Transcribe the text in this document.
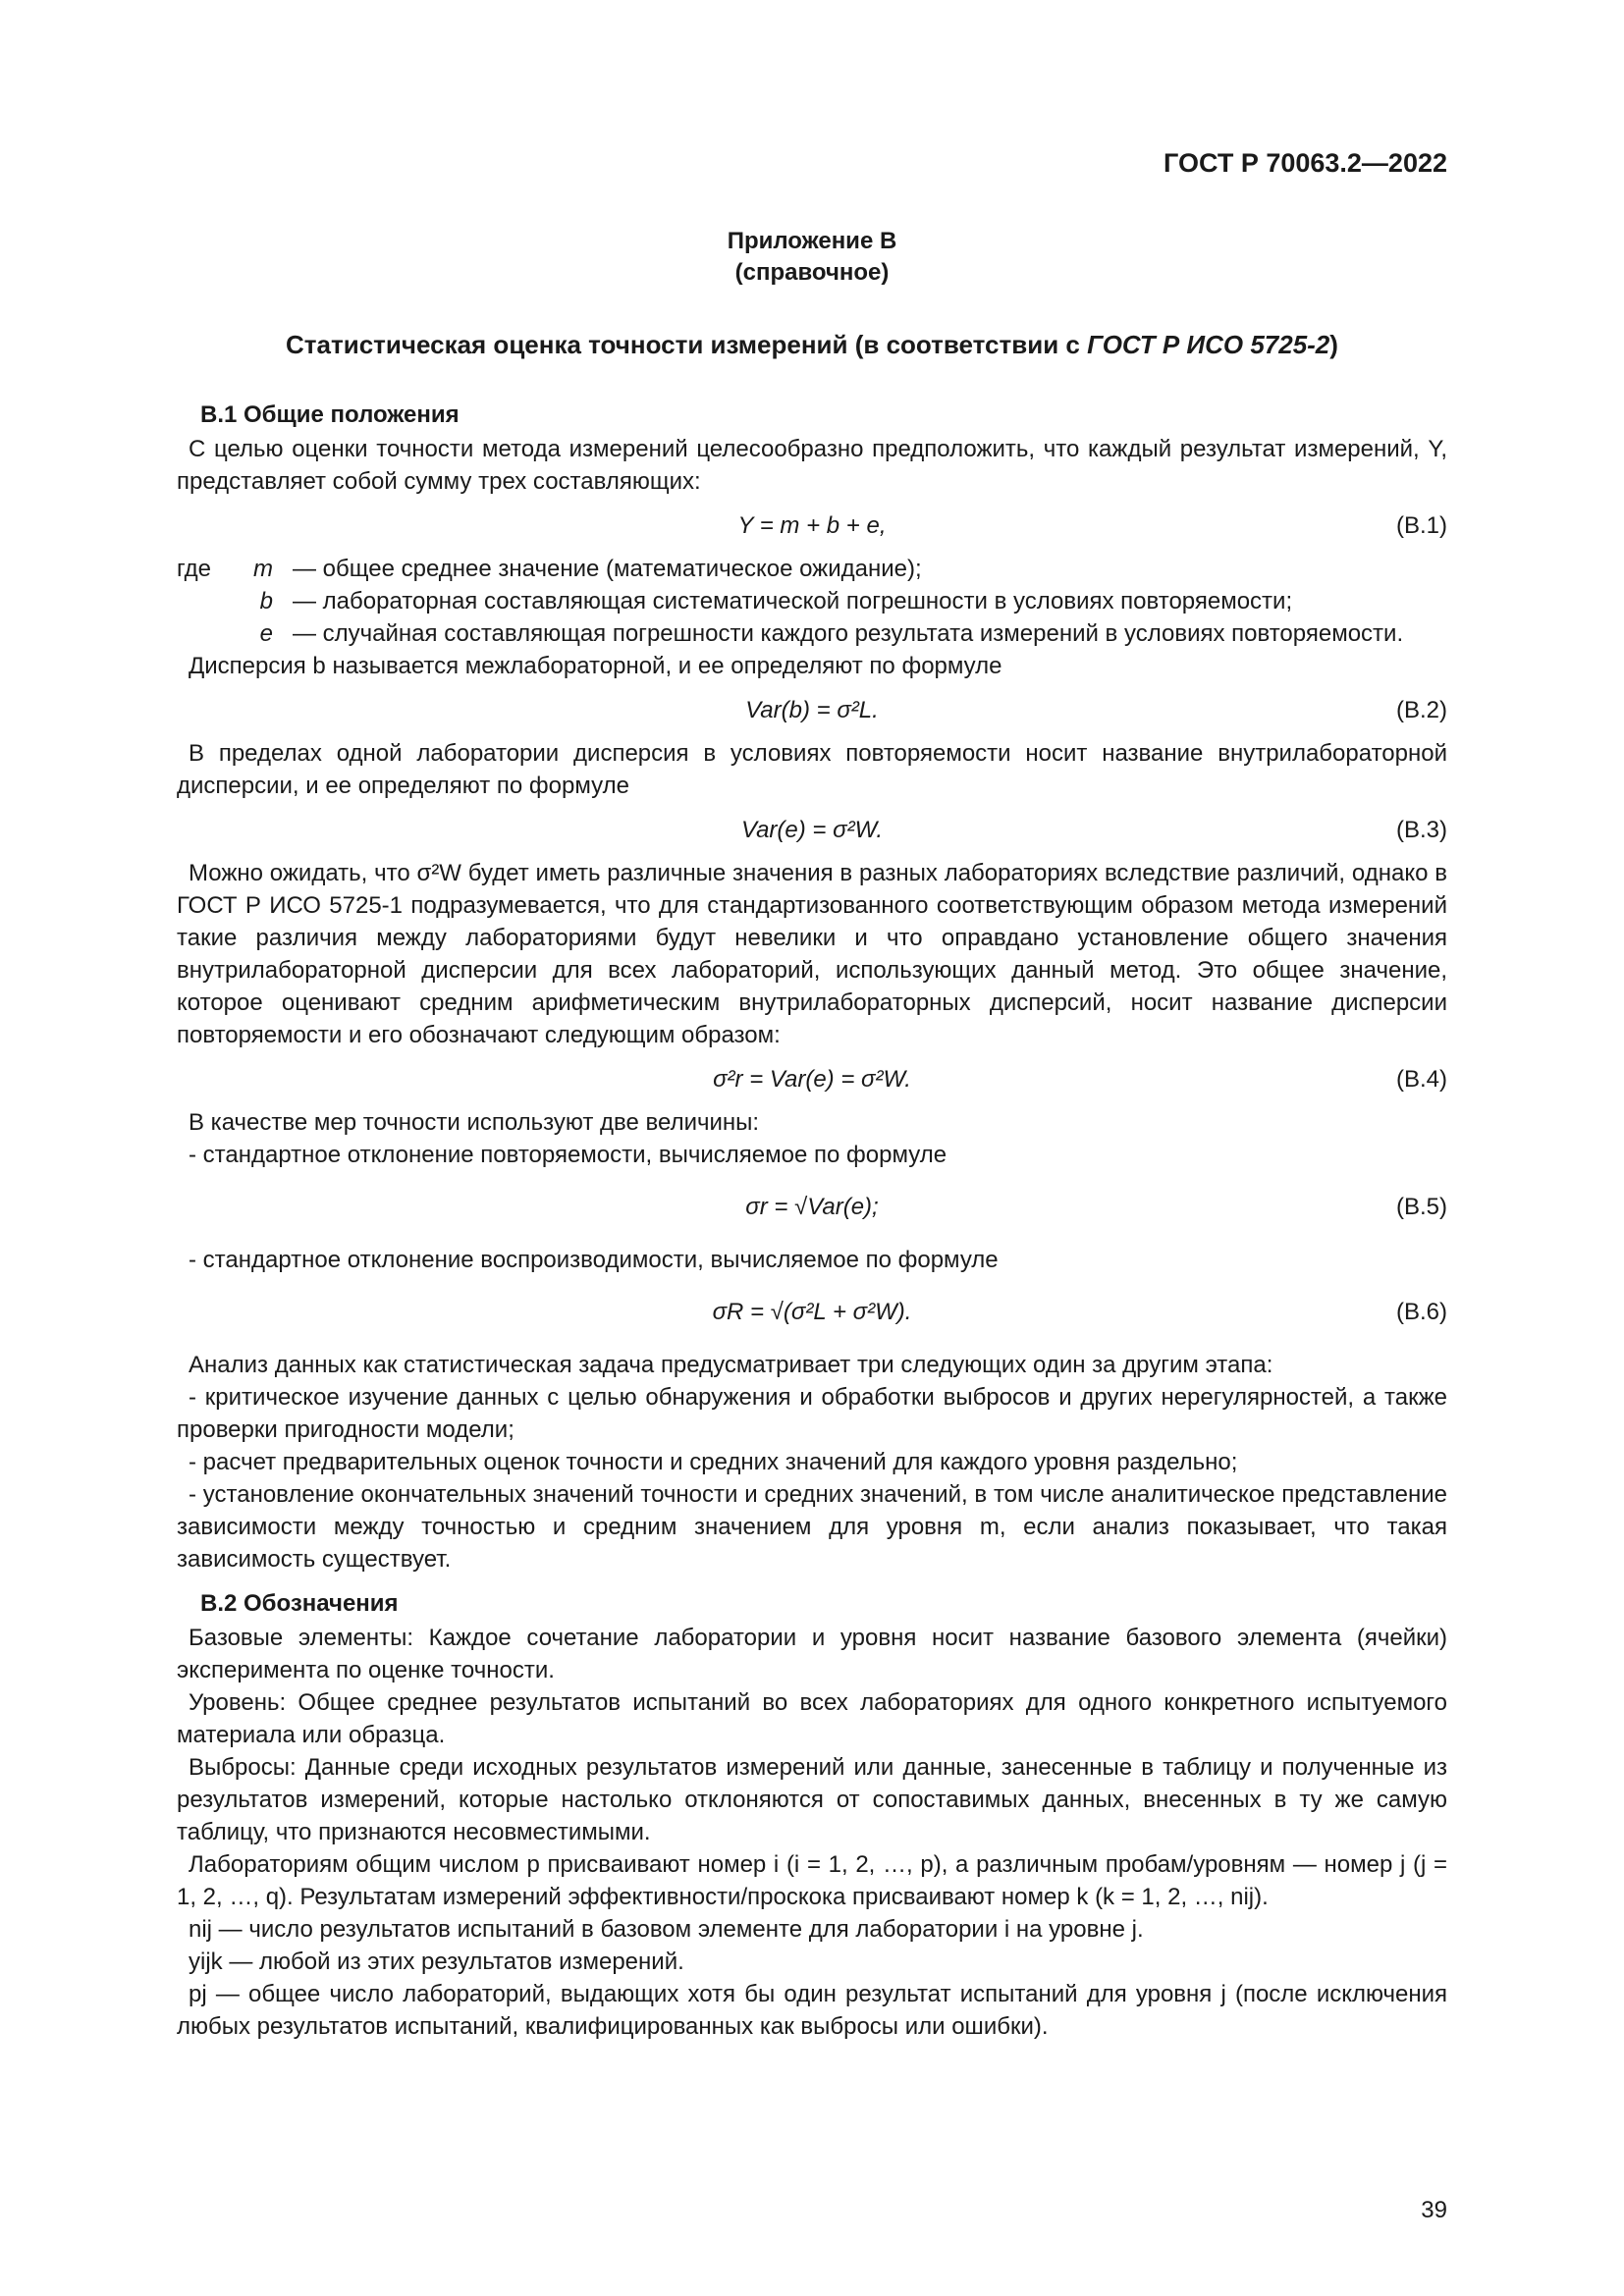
ГОСТ Р 70063.2—2022
Приложение В
(справочное)
Статистическая оценка точности измерений (в соответствии с ГОСТ Р ИСО 5725-2)
В.1 Общие положения

С целью оценки точности метода измерений целесообразно предположить, что каждый результат измерений, Y, представляет собой сумму трех составляющих:

Y = m + b + e,	(В.1)
где	m — общее среднее значение (математическое ожидание);
b — лабораторная составляющая систематической погрешности в условиях повторяемости;
e — случайная составляющая погрешности каждого результата измерений в условиях повторяемости.

Дисперсия b называется межлабораторной, и ее определяют по формуле

Var(b) = σ²L.	(В.2)

В пределах одной лаборатории дисперсия в условиях повторяемости носит название внутрилабораторной дисперсии, и ее определяют по формуле

Var(e) = σ²W.	(В.3)

Можно ожидать, что σ²W будет иметь различные значения в разных лабораториях вследствие различий, однако в ГОСТ Р ИСО 5725-1 подразумевается, что для стандартизованного соответствующим образом метода измерений такие различия между лабораториями будут невелики и что оправдано установление общего значения внутрилабораторной дисперсии для всех лабораторий, использующих данный метод. Это общее значение, которое оценивают средним арифметическим внутрилабораторных дисперсий, носит название дисперсии повторяемости и его обозначают следующим образом:

σ²r = Var(e) = σ²W.	(В.4)

В качестве мер точности используют две величины:

- стандартное отклонение повторяемости, вычисляемое по формуле

σr = √Var(e);	(В.5)

- стандартное отклонение воспроизводимости, вычисляемое по формуле

σR = √(σ²L + σ²W).	(В.6)

Анализ данных как статистическая задача предусматривает три следующих один за другим этапа:

- критическое изучение данных с целью обнаружения и обработки выбросов и других нерегулярностей, а также проверки пригодности модели;

- расчет предварительных оценок точности и средних значений для каждого уровня раздельно;

- установление окончательных значений точности и средних значений, в том числе аналитическое представление зависимости между точностью и средним значением для уровня m, если анализ показывает, что такая зависимость существует.

В.2 Обозначения

Базовые элементы: Каждое сочетание лаборатории и уровня носит название базового элемента (ячейки) эксперимента по оценке точности.

Уровень: Общее среднее результатов испытаний во всех лабораториях для одного конкретного испытуемого материала или образца.

Выбросы: Данные среди исходных результатов измерений или данные, занесенные в таблицу и полученные из результатов измерений, которые настолько отклоняются от сопоставимых данных, внесенных в ту же самую таблицу, что признаются несовместимыми.

Лабораториям общим числом p присваивают номер i (i = 1, 2, …, p), а различным пробам/уровням — номер j (j = 1, 2, …, q). Результатам измерений эффективности/проскока присваивают номер k (k = 1, 2, …, nij).

nij — число результатов испытаний в базовом элементе для лаборатории i на уровне j.

yijk — любой из этих результатов измерений.

pj — общее число лабораторий, выдающих хотя бы один результат испытаний для уровня j (после исключения любых результатов испытаний, квалифицированных как выбросы или ошибки).

39
